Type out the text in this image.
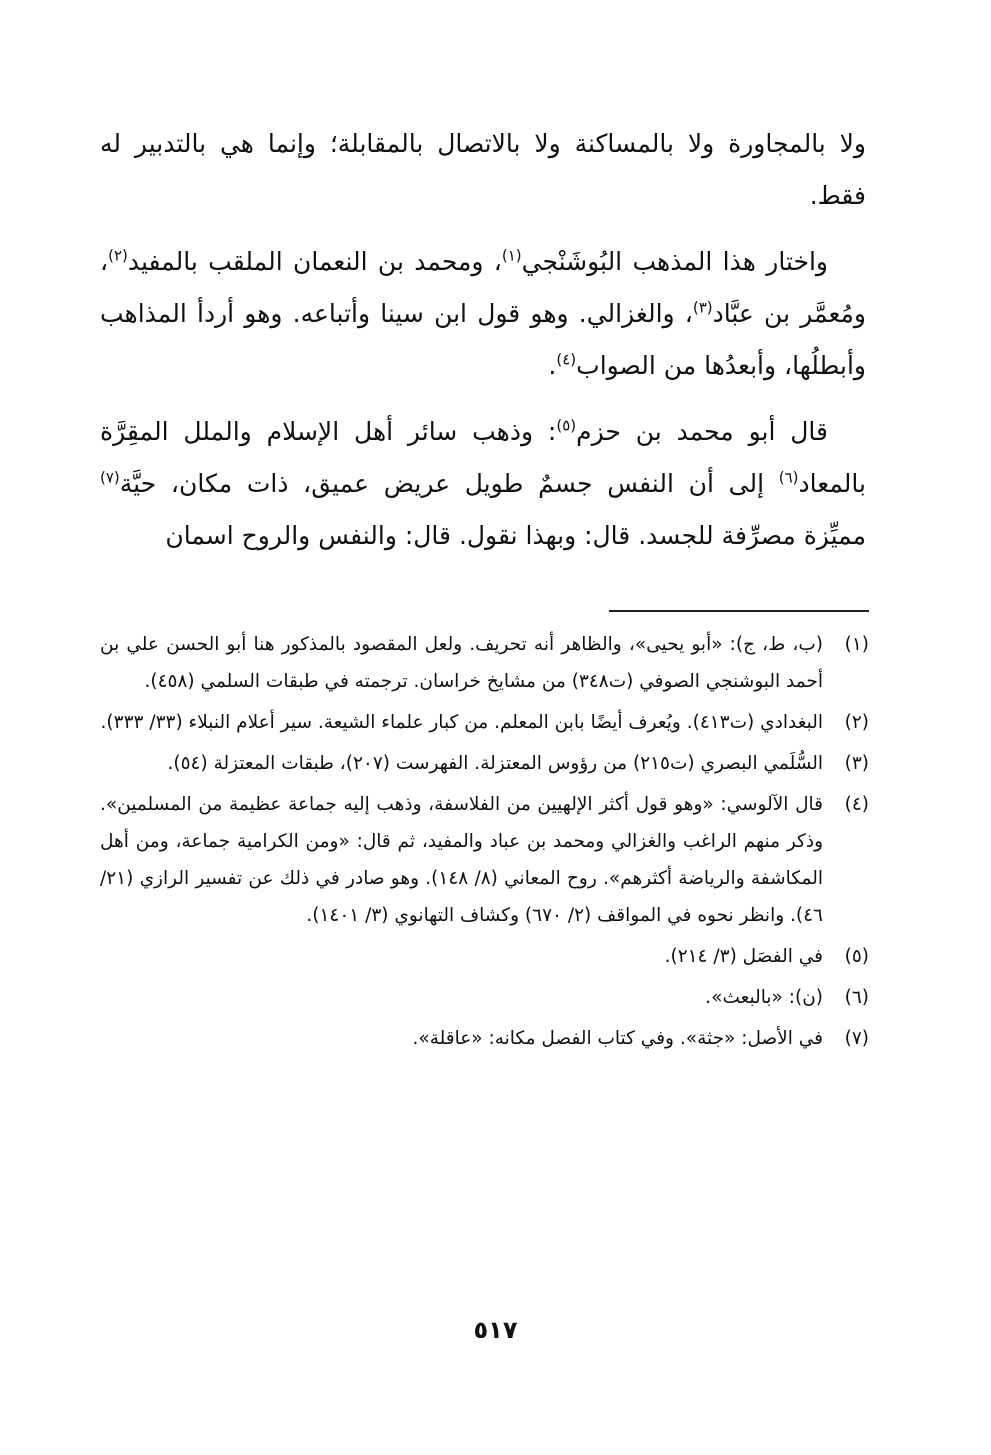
ولا بالمجاورة ولا بالمساكنة ولا بالاتصال بالمقابلة؛ وإنما هي بالتدبير له فقط.

واختار هذا المذهب البُوشَنْجي$^{(١)}$، ومحمد بن النعمان الملقب بالمفيد$^{(٢)}$، ومُعمَّر بن عبَّاد$^{(٣)}$، والغزالي. وهو قول ابن سينا وأتباعه. وهو أردأ المذاهب وأبطلُها، وأبعدُها من الصواب$^{(٤)}$.

قال أبو محمد بن حزم$^{(٥)}$: وذهب سائر أهل الإسلام والملل المقِرَّة بالمعاد$^{(٦)}$ إلى أن النفس جسمٌ طويل عريض عميق، ذات مكان، حيَّة$^{(٧)}$ مميِّزة مصرِّفة للجسد. قال: وبهذا نقول. قال: والنفس والروح اسمان

(١)
(ب، ط، ج): «أبو يحيى»، والظاهر أنه تحريف. ولعل المقصود بالمذكور هنا أبو الحسن علي بن أحمد البوشنجي الصوفي (ت٣٤٨) من مشايخ خراسان. ترجمته في طبقات السلمي (٤٥٨).
(٢)
البغدادي (ت٤١٣). ويُعرف أيضًا بابن المعلم. من كبار علماء الشيعة. سير أعلام النبلاء (٣٣/ ٣٣٣).
(٣)
السُّلَمي البصري (ت٢١٥) من رؤوس المعتزلة. الفهرست (٢٠٧)، طبقات المعتزلة (٥٤).
(٤)
قال الآلوسي: «وهو قول أكثر الإلهيين من الفلاسفة، وذهب إليه جماعة عظيمة من المسلمين». وذكر منهم الراغب والغزالي ومحمد بن عباد والمفيد، ثم قال: «ومن الكرامية جماعة، ومن أهل المكاشفة والرياضة أكثرهم». روح المعاني (٨/ ١٤٨). وهو صادر في ذلك عن تفسير الرازي (٢١/ ٤٦). وانظر نحوه في المواقف (٢/ ٦٧٠) وكشاف التهانوي (٣/ ١٤٠١).
(٥)
في الفصَل (٣/ ٢١٤).
(٦)
(ن): «بالبعث».
(٧)
في الأصل: «جثة». وفي كتاب الفصل مكانه: «عاقلة».
٥١٧
